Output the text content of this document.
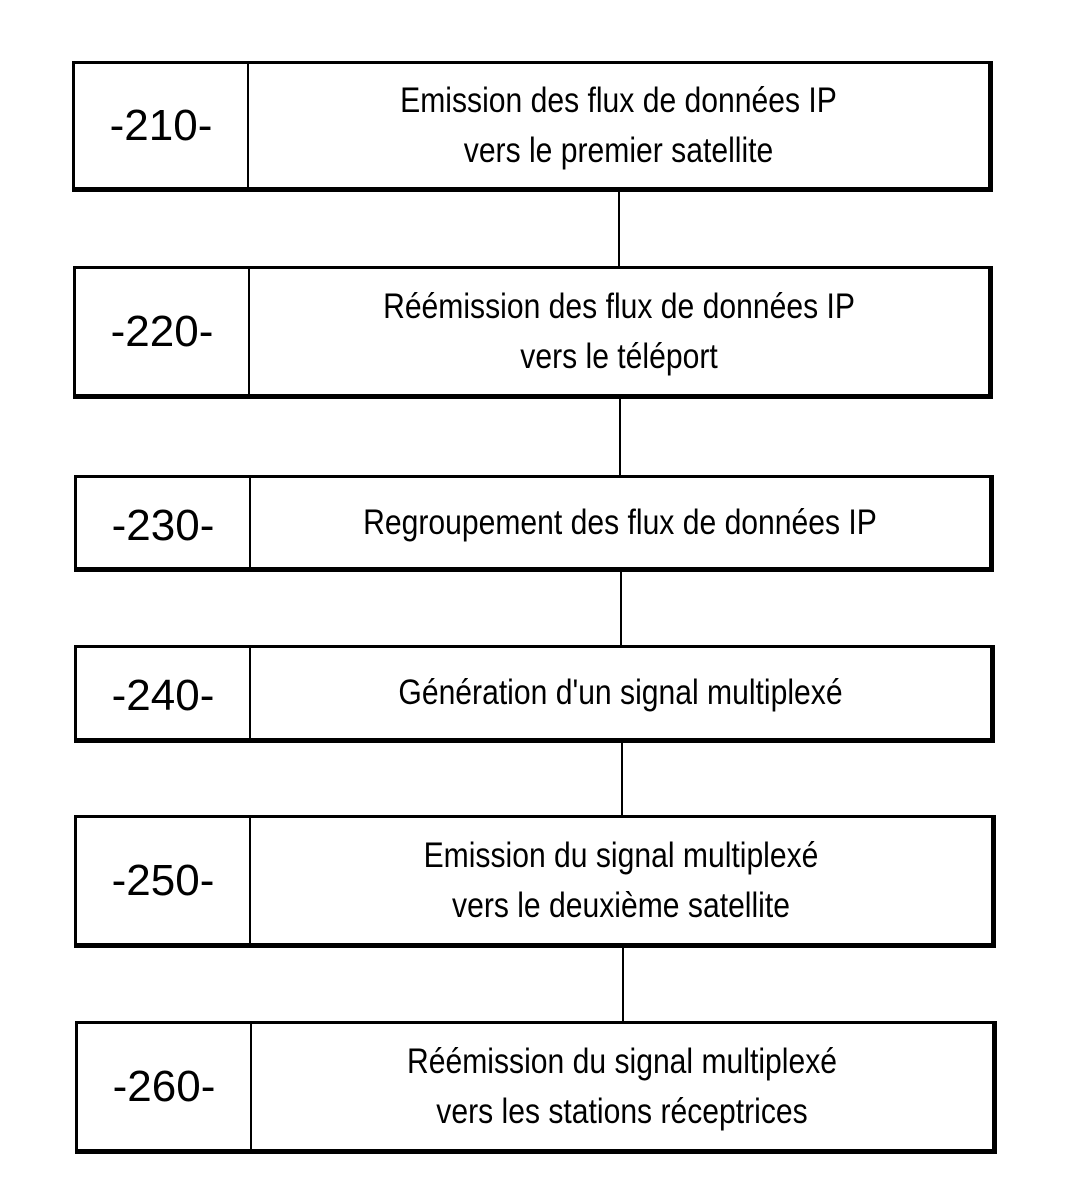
-210-
Emission des flux de données IP
vers le premier satellite
-220-
Réémission des flux de données IP
vers le téléport
-230-	Regroupement des flux de données IP
-240-	Génération d'un signal multiplexé
-250-
Emission du signal multiplexé
vers le deuxième satellite
-260-
Réémission du signal multiplexé
vers les stations réceptrices
